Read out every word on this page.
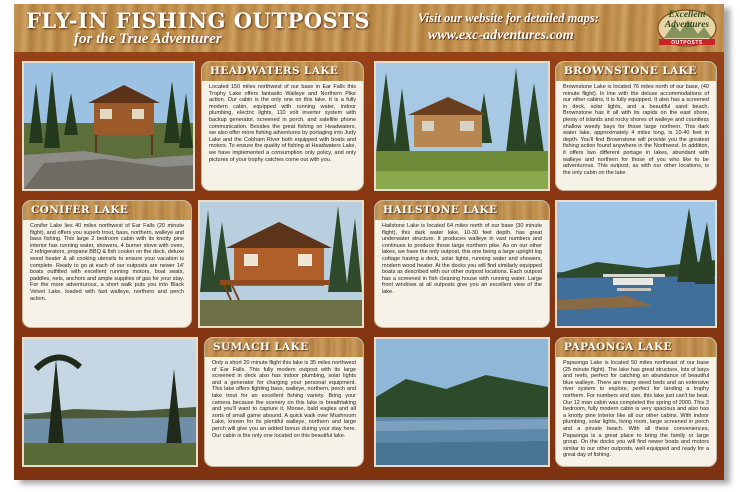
FLY-IN FISHING OUTPOSTS
for the True Adventurer
Visit our website for detailed maps:
www.exc-adventures.com
Excellent Adventures
OUTPOSTS
HEADWATERS LAKE

Located 150 miles northwest of our base in Ear Falls this Trophy Lake offers fantastic Walleye and Northern Pike action. Our cabin is the only one on this lake. It is a fully modern cabin, equipped with running water, indoor plumbing, electric lights, 110 volt inverter system with backup generator, screened in porch, and satellite phone communication. Besides the great fishing on Headwaters, we also offer more fishing adventures by portaging into Judy Lake and the Cobham River both equipped with boats and motors. To ensure the quality of fishing at Headwaters Lake, we have implemented a consumption only policy, and only pictures of your trophy catches come out with you.

BROWNSTONE LAKE

Brownstone Lake is located 76 miles north of our base, (40 minute flight). In line with the deluxe accommodations of our other cabins, it is fully equipped. It also has a screened in deck, solar lights, and a beautiful sand beach. Brownstone has it all with its rapids on the east shore, plenty of islands and rocky shores of walleye and countless shallow weedy bays for those large northern. This dark water lake, approximately 4 miles long, is 10-40 feet in depth. You'll find Brownstone will provide you the greatest fishing action found anywhere in the Northwest. In addition, it offers two different portage in lakes, abundant with walleye and northern for those of you who like to be adventurous. This outpost, as with our other locations, is the only cabin on the lake.

CONIFER LAKE

Conifer Lake lies 40 miles northwest of Ear Falls (20 minute flight), and offers you superb trout, bass, northern, walleye and bass fishing. This large 2 bedroom cabin with its knotty pine interior has running water, showers, 4 burner stove with oven, 2 refrigerators, propane BBQ & fish cooker on the deck, deluxe wood heater & all cooking utensils to ensure your vacation is complete. Ready to go at each of our outposts are newer 14' boats outfitted with excellent running motors, boat seats, paddles, nets, anchors and ample supplies of gas for your stay. For the more adventurous, a short walk puts you into Black Velvet Lake, loaded with fast walleye, northern and perch action.

HAILSTONE LAKE

Hailstone Lake is located 64 miles north of our base (30 minute flight), this dark water lake, 10-30 feet depth, has great underwater structure. It produces walleye in vast numbers and continues to produce those large northern pike. As on our other lakes, we have the only outpost, this one being a large upright log cottage having a deck, solar lights, running water and showers, modern wood heater. At the docks you will find similarly equipped boats as described with our other outpost locations. Each outpost has a screened in fish cleaning house with running water. Large front windows at all outposts give you an excellent view of the lake.

SUMACH LAKE

Only a short 20 minute flight this lake is 35 miles northwest of Ear Falls. This fully modern outpost with its large screened in deck also has indoor plumbing, solar lights and a generator for charging your personal equipment. This lake offers fighting bass, walleye, northern, perch and lake trout for an excellent fishing variety. Bring your camera because the scenery on this lake is breathtaking and you'll want to capture it. Moose, bald eagles and all sorts of small game abound. A quick walk over Mushroom Lake, known for its plentiful walleye, northern and large perch will give you an added bonus during your stay here. Our cabin is the only one located on this beautiful lake.

PAPAONGA LAKE

Papaonga Lake is located 50 miles northeast of our base (25 minute flight). The lake has great structure, lots of bays and reefs, perfect for catching an abundance of beautiful blue walleye. There are many weed beds and an extensive river system to explore, perfect for landing a trophy northern. For numbers and size, this lake just can't be beat. Our 12 man cabin was completed the spring of 2000. This 3 bedroom, fully modern cabin is very spacious and also has a knotty pine interior like all our other cabins. With indoor plumbing, solar lights, living room, large screened in porch and a private beach. With all these conveniences, Papaonga is a great place to bring the family or large group. On the docks you will find newer boats and motors similar to our other outposts, well equipped and ready for a great day of fishing.
